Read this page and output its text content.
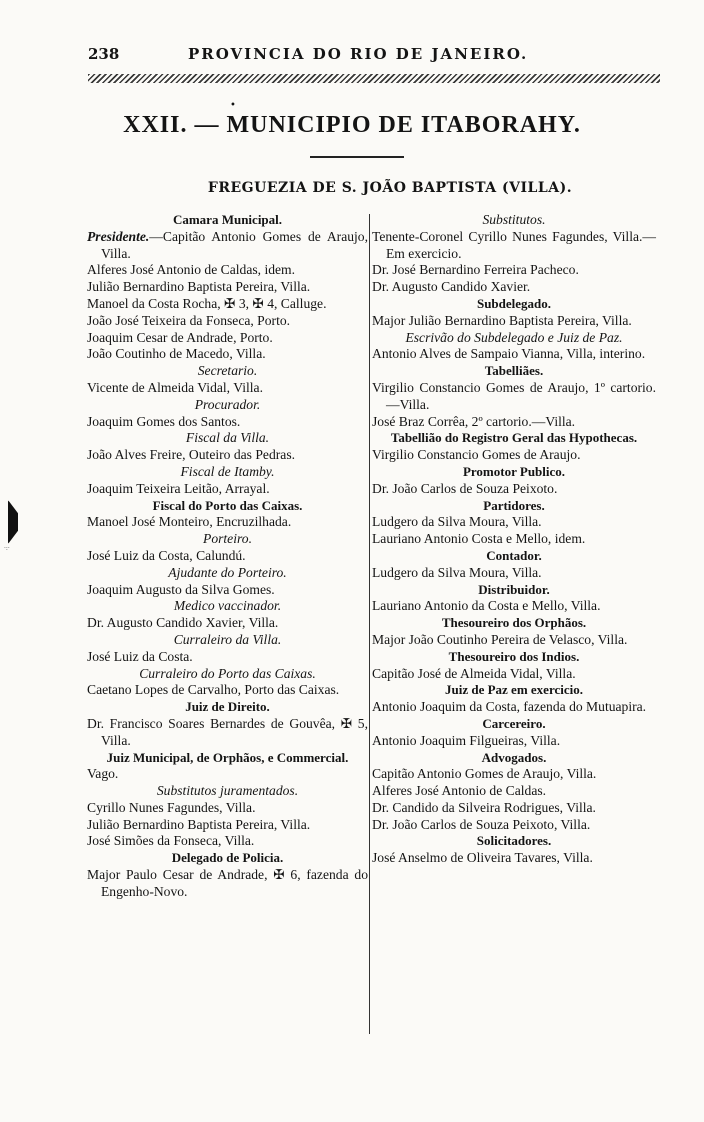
238	PROVINCIA DO RIO DE JANEIRO.
•
XXII. — MUNICIPIO DE ITABORAHY.
FREGUEZIA DE S. JOÃO BAPTISTA (VILLA).
Camara Municipal.
Presidente.—Capitão Antonio Gomes de Araujo, Villa.
Alferes José Antonio de Caldas, idem.
Julião Bernardino Baptista Pereira, Villa.
Manoel da Costa Rocha, ✠ 3, ✠ 4, Calluge.
João José Teixeira da Fonseca, Porto.
Joaquim Cesar de Andrade, Porto.
João Coutinho de Macedo, Villa.
Secretario.
Vicente de Almeida Vidal, Villa.
Procurador.
Joaquim Gomes dos Santos.
Fiscal da Villa.
João Alves Freire, Outeiro das Pedras.
Fiscal de Itamby.
Joaquim Teixeira Leitão, Arrayal.
Fiscal do Porto das Caixas.
Manoel José Monteiro, Encruzilhada.
Porteiro.
José Luiz da Costa, Calundú.
Ajudante do Porteiro.
Joaquim Augusto da Silva Gomes.
Medico vaccinador.
Dr. Augusto Candido Xavier, Villa.
Curraleiro da Villa.
José Luiz da Costa.
Curraleiro do Porto das Caixas.
Caetano Lopes de Carvalho, Porto das Caixas.
Juiz de Direito.
Dr. Francisco Soares Bernardes de Gouvêa, ✠ 5, Villa.
Juiz Municipal, de Orphãos, e Commercial.
Vago.
Substitutos juramentados.
Cyrillo Nunes Fagundes, Villa.
Julião Bernardino Baptista Pereira, Villa.
José Simões da Fonseca, Villa.
Delegado de Policia.
Major Paulo Cesar de Andrade, ✠ 6, fazenda do Engenho-Novo.
Substitutos.
Tenente-Coronel Cyrillo Nunes Fagundes, Villa.—Em exercicio.
Dr. José Bernardino Ferreira Pacheco.
Dr. Augusto Candido Xavier.
Subdelegado.
Major Julião Bernardino Baptista Pereira, Villa.
Escrivão do Subdelegado e Juiz de Paz.
Antonio Alves de Sampaio Vianna, Villa, interino.
Tabelliães.
Virgilio Constancio Gomes de Araujo, 1º cartorio.—Villa.
José Braz Corrêa, 2º cartorio.—Villa.
Tabellião do Registro Geral das Hypothecas.
Virgilio Constancio Gomes de Araujo.
Promotor Publico.
Dr. João Carlos de Souza Peixoto.
Partidores.
Ludgero da Silva Moura, Villa.
Lauriano Antonio Costa e Mello, idem.
Contador.
Ludgero da Silva Moura, Villa.
Distribuidor.
Lauriano Antonio da Costa e Mello, Villa.
Thesoureiro dos Orphãos.
Major João Coutinho Pereira de Velasco, Villa.
Thesoureiro dos Indios.
Capitão José de Almeida Vidal, Villa.
Juiz de Paz em exercicio.
Antonio Joaquim da Costa, fazenda do Mutuapira.
Carcereiro.
Antonio Joaquim Filgueiras, Villa.
Advogados.
Capitão Antonio Gomes de Araujo, Villa.
Alferes José Antonio de Caldas.
Dr. Candido da Silveira Rodrigues, Villa.
Dr. João Carlos de Souza Peixoto, Villa.
Solicitadores.
José Anselmo de Oliveira Tavares, Villa.
·:·
